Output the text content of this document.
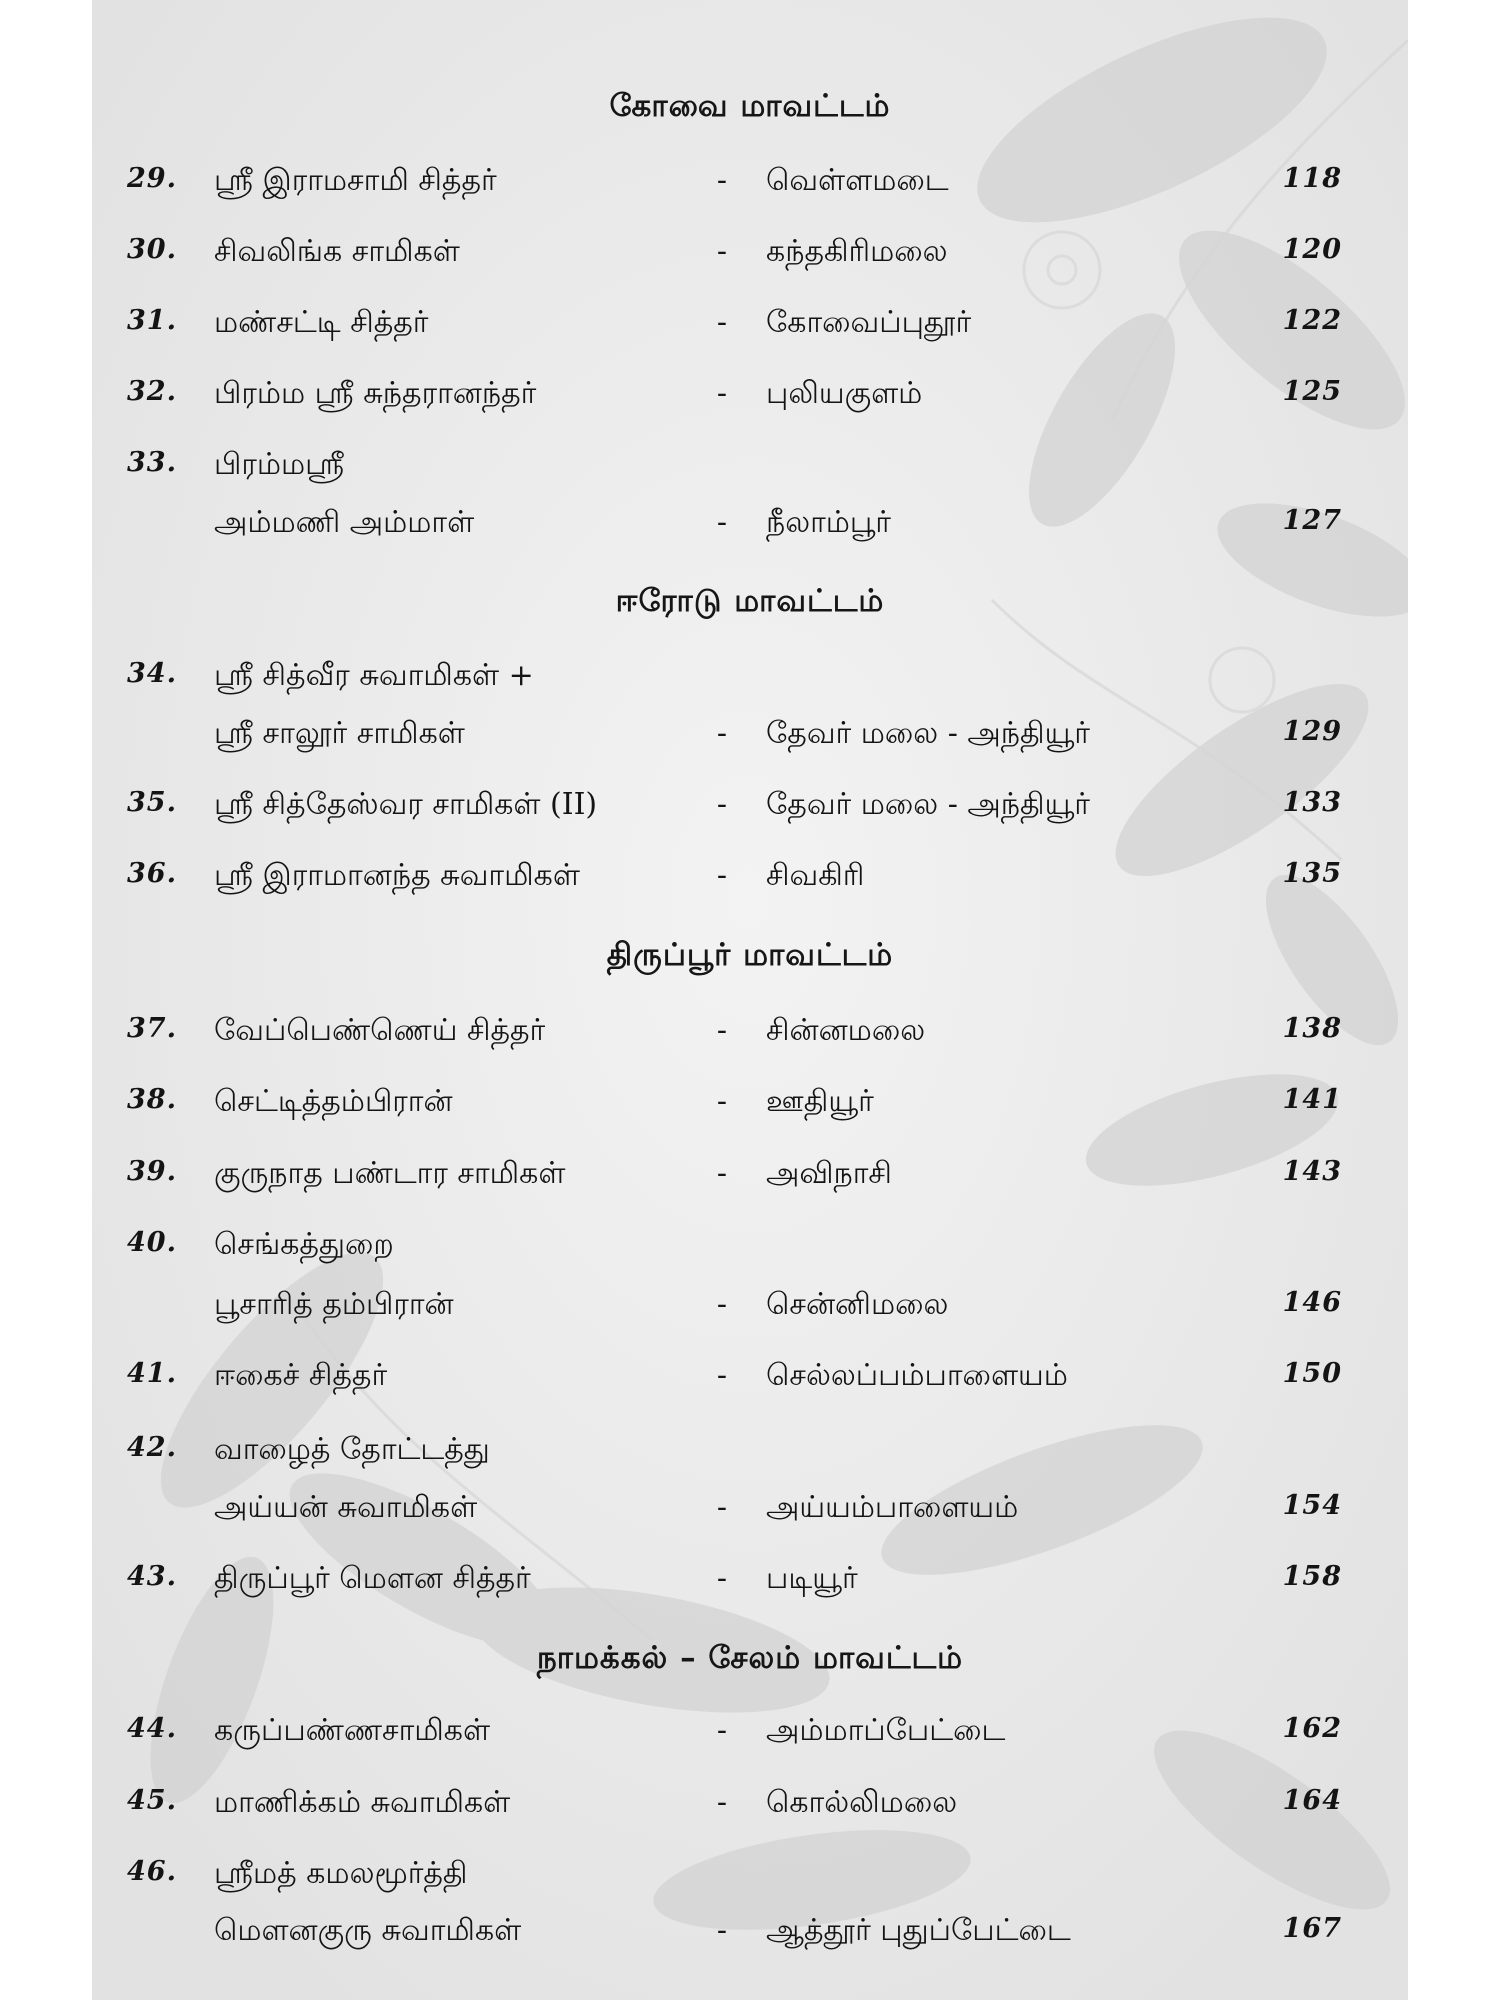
கோவை மாவட்டம்
29.	ஸ்ரீ இராமசாமி சித்தர்	- வெள்ளமடை	118
30.	சிவலிங்க சாமிகள்	- கந்தகிரிமலை	120
31.	மண்சட்டி சித்தர்	- கோவைப்புதூர்	122
32.	பிரம்ம ஸ்ரீ சுந்தரானந்தர்	- புலியகுளம்	125
33.	பிரம்மஸ்ரீ
அம்மணி அம்மாள்	- நீலாம்பூர்	127
ஈரோடு மாவட்டம்
34.	ஸ்ரீ சித்வீர சுவாமிகள் +
ஸ்ரீ சாலூர் சாமிகள்	- தேவர் மலை - அந்தியூர்	129
35.	ஸ்ரீ சித்தேஸ்வர சாமிகள் (II)	- தேவர் மலை - அந்தியூர்	133
36.	ஸ்ரீ இராமானந்த சுவாமிகள்	- சிவகிரி	135
திருப்பூர் மாவட்டம்
37.	வேப்பெண்ணெய் சித்தர்	- சின்னமலை	138
38.	செட்டித்தம்பிரான்	- ஊதியூர்	141
39.	குருநாத பண்டார சாமிகள்	- அவிநாசி	143
40.	செங்கத்துறை
பூசாரித் தம்பிரான்	- சென்னிமலை	146
41.	ஈகைச் சித்தர்	- செல்லப்பம்பாளையம்	150
42.	வாழைத் தோட்டத்து
அய்யன் சுவாமிகள்	- அய்யம்பாளையம்	154
43.	திருப்பூர் மௌன சித்தர்	- படியூர்	158
நாமக்கல் – சேலம் மாவட்டம்
44.	கருப்பண்ணசாமிகள்	- அம்மாப்பேட்டை	162
45.	மாணிக்கம் சுவாமிகள்	- கொல்லிமலை	164
46.	ஸ்ரீமத் கமலமூர்த்தி
மௌனகுரு சுவாமிகள்	- ஆத்தூர் புதுப்பேட்டை	167
